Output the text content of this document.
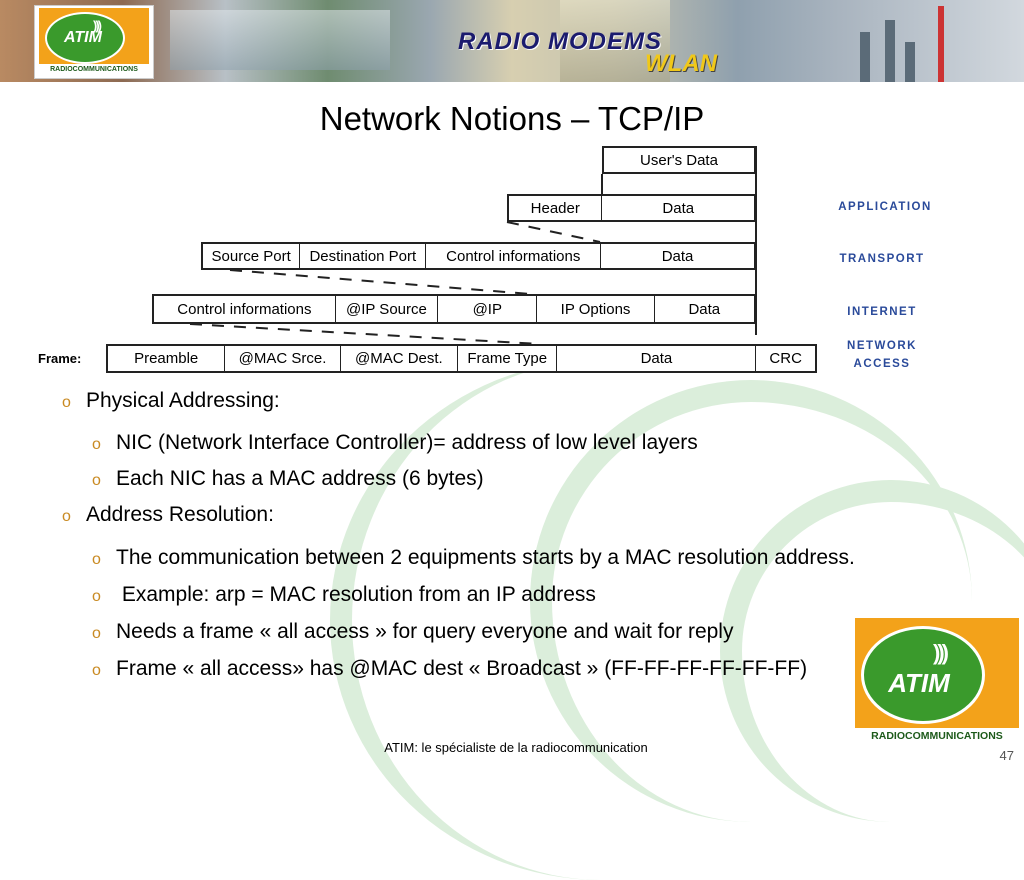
ATIM
)))
RADIOCOMMUNICATIONS
RADIO MODEMS
WLAN
Network Notions – TCP/IP
User's Data
Header	Data
Source Port	Destination Port	Control informations	Data
Control informations	@IP Source	@IP	IP Options	Data
Frame:	Preamble	@MAC Srce.	@MAC Dest.	Frame Type	Data	CRC
APPLICATION
TRANSPORT
INTERNET
NETWORK
ACCESS
o Physical Addressing:
o NIC (Network Interface Controller)= address of low level layers
o Each NIC has a MAC address (6 bytes)
o Address Resolution:
o The communication between 2 equipments starts by a MAC resolution address.
o Example: arp = MAC resolution from an IP address
o Needs a frame « all access » for query everyone and wait for reply
o Frame « all access» has @MAC dest « Broadcast » (FF-FF-FF-FF-FF-FF)	ATIM
)))
RADIOCOMMUNICATIONS
ATIM: le spécialiste de la radiocommunication
47
